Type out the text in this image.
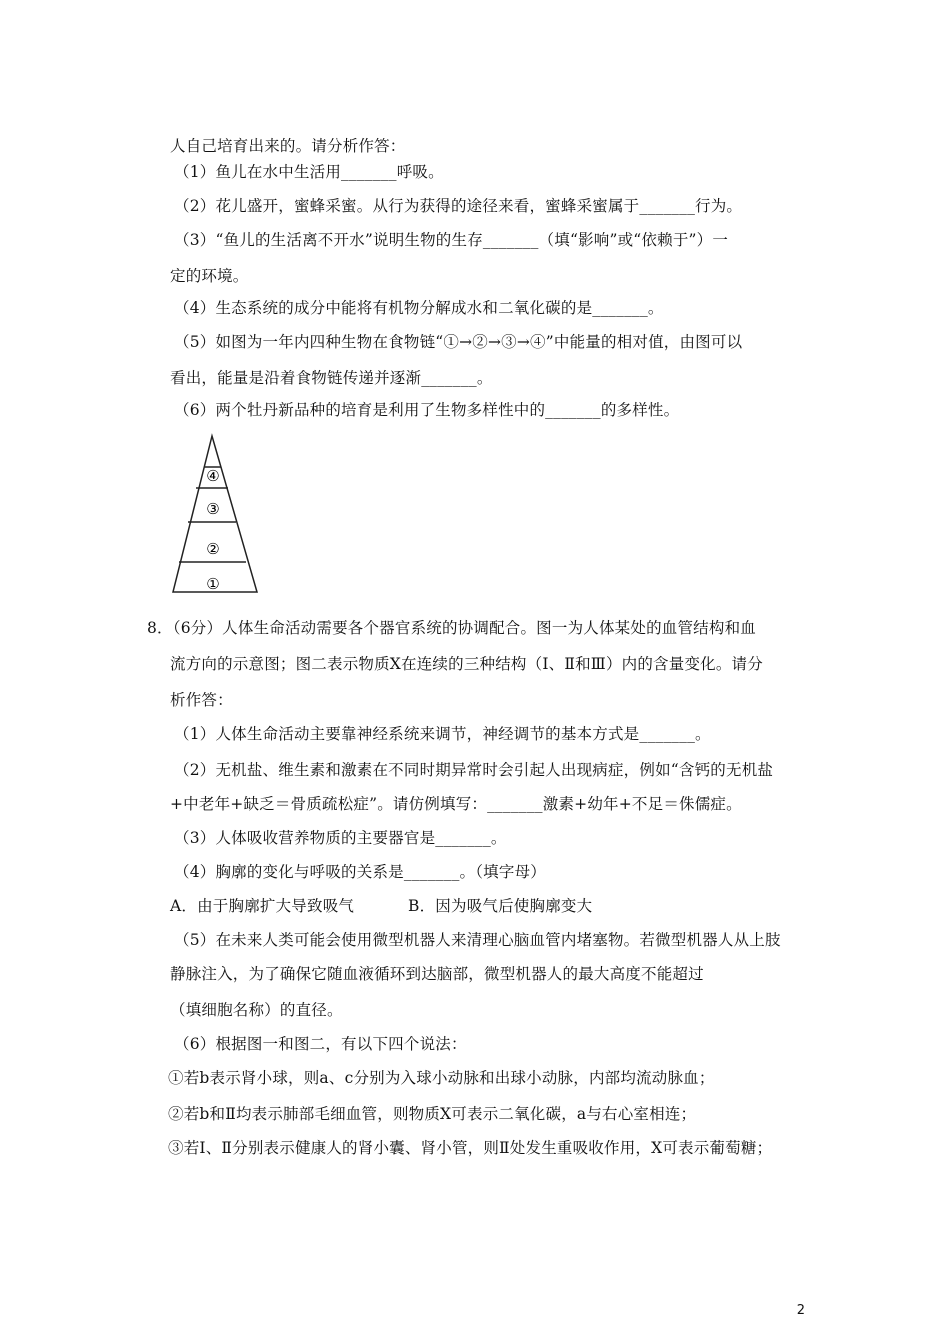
人自己培育出来的。请分析作答：
（1）鱼儿在水中生活用_______呼吸。
（2）花儿盛开，蜜蜂采蜜。从行为获得的途径来看，蜜蜂采蜜属于_______行为。
（3）“鱼儿的生活离不开水”说明生物的生存_______（填“影响”或“依赖于”）一
定的环境。
（4）生态系统的成分中能将有机物分解成水和二氧化碳的是_______。
（5）如图为一年内四种生物在食物链“①→②→③→④”中能量的相对值，由图可以
看出，能量是沿着食物链传递并逐渐_______。
（6）两个牡丹新品种的培育是利用了生物多样性中的_______的多样性。
④
③
②
①
8．（6分）人体生命活动需要各个器官系统的协调配合。图一为人体某处的血管结构和血
流方向的示意图；图二表示物质X在连续的三种结构（Ⅰ、Ⅱ和Ⅲ）内的含量变化。请分
析作答：
（1）人体生命活动主要靠神经系统来调节，神经调节的基本方式是_______。
（2）无机盐、维生素和激素在不同时期异常时会引起人出现病症，例如“含钙的无机盐
+中老年+缺乏＝骨质疏松症”。请仿例填写：_______激素+幼年+不足＝侏儒症。
（3）人体吸收营养物质的主要器官是_______。
（4）胸廓的变化与呼吸的关系是_______。（填字母）
A．由于胸廓扩大导致吸气	B．因为吸气后使胸廓变大
（5）在未来人类可能会使用微型机器人来清理心脑血管内堵塞物。若微型机器人从上肢
静脉注入，为了确保它随血液循环到达脑部，微型机器人的最大高度不能超过
（填细胞名称）的直径。
（6）根据图一和图二，有以下四个说法：
①若b表示肾小球，则a、c分别为入球小动脉和出球小动脉，内部均流动脉血；
②若b和Ⅱ均表示肺部毛细血管，则物质X可表示二氧化碳，a与右心室相连；
③若Ⅰ、Ⅱ分别表示健康人的肾小囊、肾小管，则Ⅱ处发生重吸收作用，X可表示葡萄糖；
2
